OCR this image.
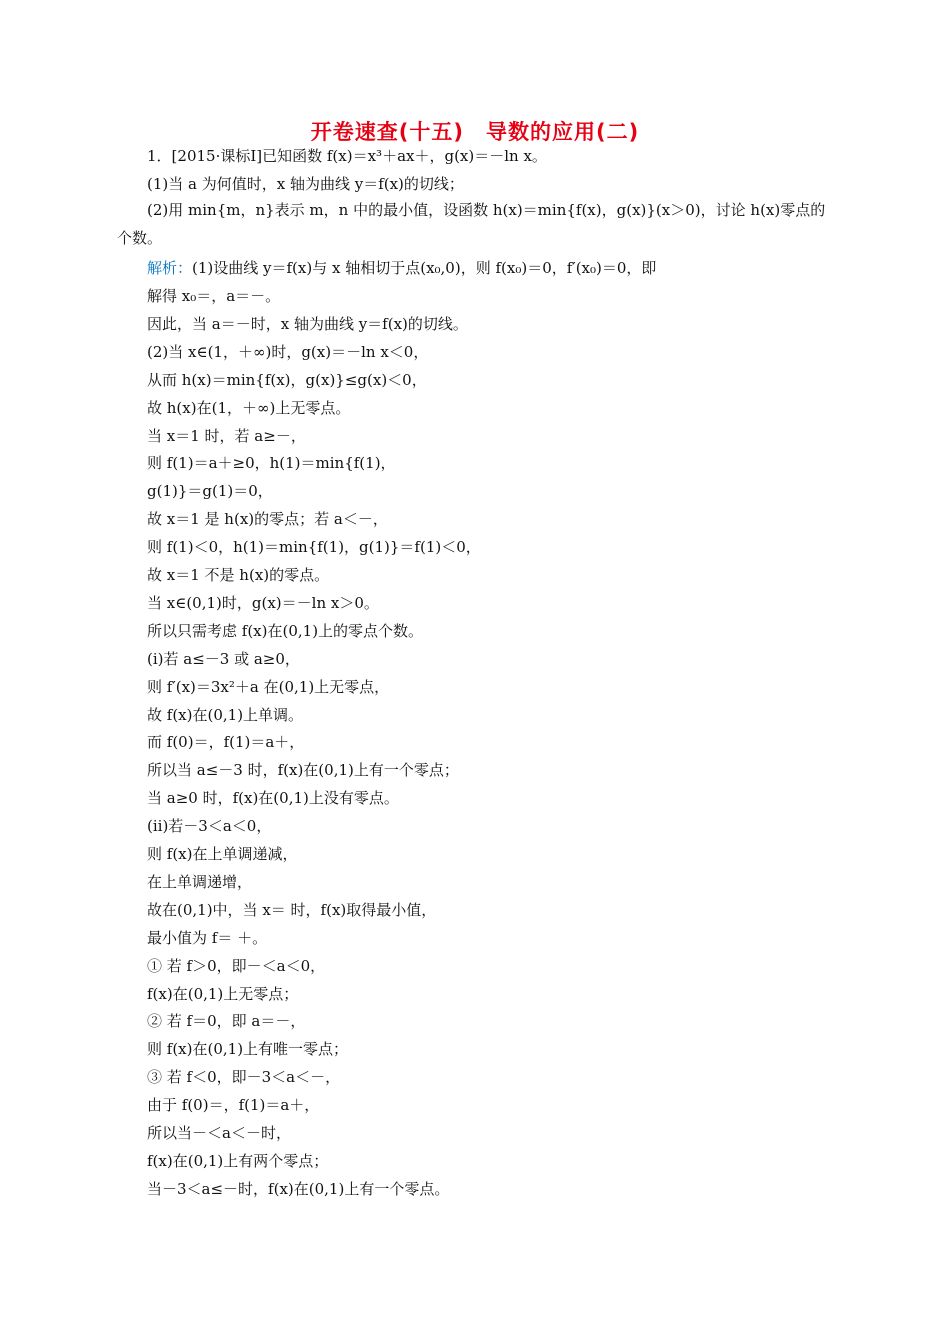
开卷速查(十五)　导数的应用(二)

1．[2015·课标Ⅰ]已知函数 f(x)＝x³＋ax＋，g(x)＝－ln x。

(1)当 a 为何值时，x 轴为曲线 y＝f(x)的切线；

(2)用 min{m，n}表示 m，n 中的最小值，设函数 h(x)＝min{f(x)，g(x)}(x＞0)，讨论 h(x)零点的个数。

解析：(1)设曲线 y＝f(x)与 x 轴相切于点(x₀,0)，则 f(x₀)＝0，f′(x₀)＝0，即

解得 x₀＝，a＝－。

因此，当 a＝－时，x 轴为曲线 y＝f(x)的切线。

(2)当 x∈(1，＋∞)时，g(x)＝－ln x＜0，

从而 h(x)＝min{f(x)，g(x)}≤g(x)＜0，

故 h(x)在(1，＋∞)上无零点。

当 x＝1 时，若 a≥－，

则 f(1)＝a＋≥0，h(1)＝min{f(1)，

g(1)}＝g(1)＝0，

故 x＝1 是 h(x)的零点；若 a＜－，

则 f(1)＜0，h(1)＝min{f(1)，g(1)}＝f(1)＜0，

故 x＝1 不是 h(x)的零点。

当 x∈(0,1)时，g(x)＝－ln x＞0。

所以只需考虑 f(x)在(0,1)上的零点个数。

(ⅰ)若 a≤－3 或 a≥0，

则 f′(x)＝3x²＋a 在(0,1)上无零点，

故 f(x)在(0,1)上单调。

而 f(0)＝，f(1)＝a＋，

所以当 a≤－3 时，f(x)在(0,1)上有一个零点；

当 a≥0 时，f(x)在(0,1)上没有零点。

(ⅱ)若－3＜a＜0，

则 f(x)在上单调递减，

在上单调递增，

故在(0,1)中，当 x＝ 时，f(x)取得最小值，

最小值为 f＝ ＋。

① 若 f＞0，即－＜a＜0，

f(x)在(0,1)上无零点；

② 若 f＝0，即 a＝－，

则 f(x)在(0,1)上有唯一零点；

③ 若 f＜0，即－3＜a＜－，

由于 f(0)＝，f(1)＝a＋，

所以当－＜a＜－时，

f(x)在(0,1)上有两个零点；

当－3＜a≤－时，f(x)在(0,1)上有一个零点。
